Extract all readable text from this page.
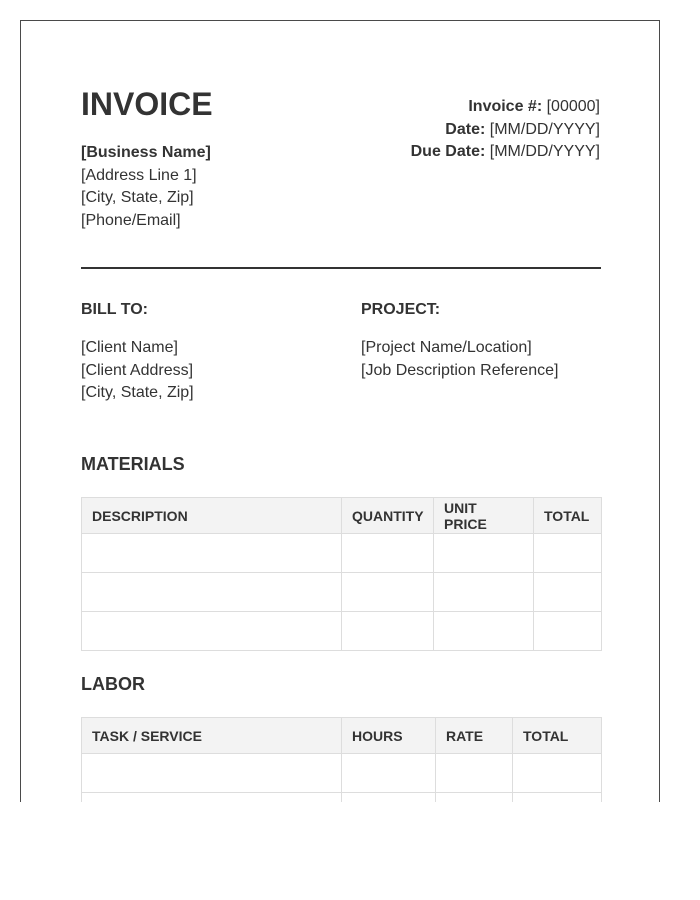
INVOICE
[Business Name]
[Address Line 1]
[City, State, Zip]
[Phone/Email]
Invoice #: [00000]
Date: [MM/DD/YYYY]
Due Date: [MM/DD/YYYY]
BILL TO:
[Client Name]
[Client Address]
[City, State, Zip]
PROJECT:
[Project Name/Location]
[Job Description Reference]
MATERIALS
DESCRIPTION	QUANTITY	UNIT PRICE	TOTAL

LABOR
TASK / SERVICE	HOURS	RATE	TOTAL
